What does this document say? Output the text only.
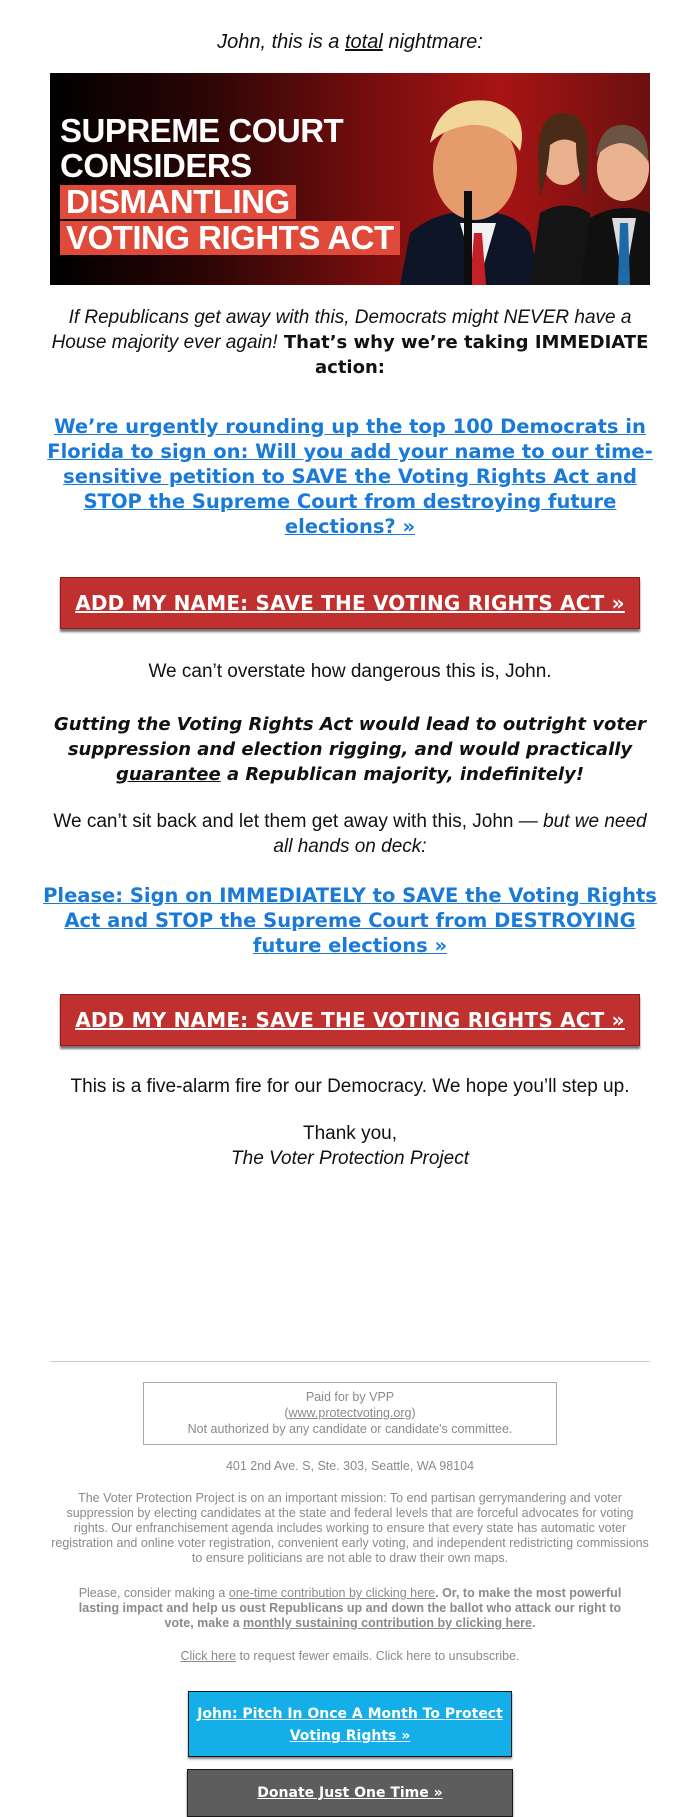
John, this is a total nightmare:

SUPREME COURT
CONSIDERS
DISMANTLING
VOTING RIGHTS ACT

If Republicans get away with this, Democrats might NEVER have a House majority ever again! That’s why we’re taking IMMEDIATE action:

We’re urgently rounding up the top 100 Democrats in Florida to sign on: Will you add your name to our time-sensitive petition to SAVE the Voting Rights Act and STOP the Supreme Court from destroying future elections? »
ADD MY NAME: SAVE THE VOTING RIGHTS ACT »

We can’t overstate how dangerous this is, John.

Gutting the Voting Rights Act would lead to outright voter suppression and election rigging, and would practically guarantee a Republican majority, indefinitely!

We can’t sit back and let them get away with this, John — but we need all hands on deck:

Please: Sign on IMMEDIATELY to SAVE the Voting Rights Act and STOP the Supreme Court from DESTROYING future elections »
ADD MY NAME: SAVE THE VOTING RIGHTS ACT »

This is a five-alarm fire for our Democracy. We hope you’ll step up.

Thank you,
The Voter Protection Project

Paid for by VPP
(www.protectvoting.org)
Not authorized by any candidate or candidate's committee.
401 2nd Ave. S, Ste. 303, Seattle, WA 98104
The Voter Protection Project is on an important mission: To end partisan gerrymandering and voter suppression by electing candidates at the state and federal levels that are forceful advocates for voting rights. Our enfranchisement agenda includes working to ensure that every state has automatic voter registration and online voter registration, convenient early voting, and independent redistricting commissions to ensure politicians are not able to draw their own maps.
Please, consider making a one-time contribution by clicking here. Or, to make the most powerful lasting impact and help us oust Republicans up and down the ballot who attack our right to vote, make a monthly sustaining contribution by clicking here.
Click here to request fewer emails. Click here to unsubscribe.
John: Pitch In Once A Month To Protect
Voting Rights »
Donate Just One Time »
